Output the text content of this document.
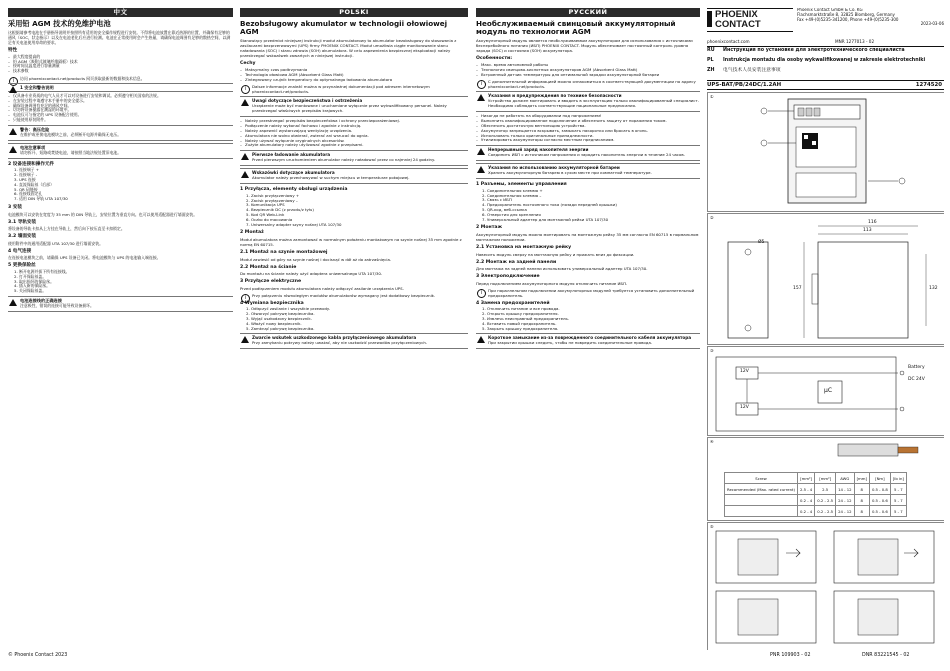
中文
采用铅 AGM 技术的免维护电池
这根据请参考电池在手册指导说明并按照所有适用的安全操作规程进行安装。不得将电池放置在靠近热源的位置，并确保有足够的通风（SOC，状态指示）以及在电池老化后应进行检测。电池在正常使用时会产生热量，请确保电池周围有足够的散热空间，以满足有关电池使用寿命的要求。
特性
– 最大程度提高的
– 铅 AGM（吸附式玻璃纤维隔板）技术
– 按时间及温度进行容量测量
– 技术参数
i	访问 phoenixcontact.net/products 网页获取最新的数据和技术信息。
1 安全和警告说明
– 仅具备专业资质的电气人员才可以对设备进行安装和调试。必须遵守相关国家的法规。
– 在安装过程中请遵守本手册中的安全提示。
– 确保设备周围有充足的通风空间。
– 切勿将设备暴露在潮湿的环境中。
– 电池仅可与指定的 UPS 设备配合使用。
– 只能使用原装附件。
警告：高压危险
在维护或更换电池模块之前，必须断开电源并确保无电压。
电池注意事项
请勿拆开、短路或焚烧电池，请按照当地法规处置旧电池。
2 设备连接和操作元件
1. 连接端子 +
2. 连接端子 -
3. UPS 连接
4. 直流保险丝（后部）
5. QR 码链接
6. 连接线固定孔
7. 适用 DIN 导轨 UTA 107/30
3 安装
电池模块可以安装在宽度为 35 mm 的 DIN 导轨上，安装位置为垂直方向。也可以使用适配器进行墙面安装。
3.1 导轨安装
将设备的导轨卡扣从上方挂在导轨上，然后向下按压直至卡扣锁定。
3.2 墙面安装
使用附件中的通用适配器 UTA 107/30 进行墙面安装。
4 电气连接
在连接电池模块之前，请确保 UPS 设备已关闭。将电池模块与 UPS 的电池输入端连接。
5 更换保险丝
1. 断开电源并拔下所有连接线。
2. 打开保险丝盖。
3. 取出损坏的保险丝。
4. 插入新的保险丝。
5. 关闭保险丝盖。
电池连接线的正确连接
注意极性，错误的连接可能导致设备损坏。
POLSKI
Bezobsługowy akumulator w technologii ołowiowej AGM
Stanowiący przedmiot niniejszej instrukcji moduł akumulatorowy to akumulator bezobsługowy do stosowania z zasilaczami bezprzerwowymi (UPS) firmy PHOENIX CONTACT. Moduł umożliwia ciągłe monitorowanie stanu naładowania (SOC) i stanu zdrowia (SOH) akumulatora. W celu zapewnienia bezpiecznej eksploatacji należy przestrzegać wskazówek zawartych w niniejszej instrukcji.
Cechy
– Maksymalny czas podtrzymania
– Technologia ołowiowa AGM (Absorbent Glass Matt)
– Zintegrowany czujnik temperatury do optymalnego ładowania akumulatora
i	Dalsze informacje znaleźć można w przynależnej dokumentacji pod adresem internetowym phoenixcontact.net/products.
Uwagi dotyczące bezpieczeństwa i ostrzeżenia
Urządzenie może być montowane i uruchamiane wyłącznie przez wykwalifikowany personel. Należy przestrzegać właściwych przepisów krajowych.
– Należy przestrzegać przepisów bezpieczeństwa i ochrony przeciwporażeniowej.
– Podłączenie należy wykonać fachowo i zgodnie z instrukcją.
– Należy zapewnić wystarczającą wentylację urządzenia.
– Akumulatora nie wolno otwierać, zwierać ani wrzucać do ognia.
– Należy używać wyłącznie oryginalnych akcesoriów.
– Zużyte akumulatory należy utylizować zgodnie z przepisami.
Pierwsze ładowanie akumulatora
Przed pierwszym uruchomieniem akumulator należy naładować przez co najmniej 24 godziny.
Wskazówki dotyczące akumulatora
Akumulator należy przechowywać w suchym miejscu w temperaturze pokojowej.
1 Przyłącza, elementy obsługi urządzenia
1. Zacisk przyłączeniowy +
2. Zacisk przyłączeniowy –
3. Komunikacja UPS
4. Bezpiecznik DC (z przodu/z tyłu)
5. Kod QR Web-Link
6. Oczko do mocowania
7. Uniwersalny adapter szyny nośnej UTA 107/30
2 Montaż
Moduł akumulatora można zamontować w normalnym położeniu montażowym na szynie nośnej 35 mm zgodnie z normą EN 60715.
2.1 Montaż na szynie montażowej
Moduł zawiesić od góry na szynie nośnej i docisnąć w dół aż do zatrzaśnięcia.
2.2 Montaż na ścianie
Do montażu na ścianie należy użyć adaptera uniwersalnego UTA 107/30.
3 Przyłącze elektryczne
Przed podłączeniem modułu akumulatora należy odłączyć zasilanie urządzenia UPS.
i	Przy połączeniu równoległym modułów akumulatorów wymagany jest dodatkowy bezpiecznik.
4 Wymiana bezpiecznika
1. Odłączyć zasilanie i wszystkie przewody.
2. Otworzyć pokrywę bezpiecznika.
3. Wyjąć uszkodzony bezpiecznik.
4. Włożyć nowy bezpiecznik.
5. Zamknąć pokrywę bezpiecznika.
Zwarcie wskutek uszkodzonego kabla przyłączeniowego akumulatora
Przy zamykaniu pokrywy należy uważać, aby nie uszkodzić przewodów przyłączeniowych.
РУССКИЙ
Необслуживаемый свинцовый аккумуляторный модуль по технологии AGM
Аккумуляторный модуль является необслуживаемым аккумулятором для использования с источниками бесперебойного питания (ИБП) PHOENIX CONTACT. Модуль обеспечивает постоянный контроль уровня заряда (SOC) и состояния (SOH) аккумулятора.
Особенности:
– Макс. время автономной работы
– Технология свинцово-кислотных аккумуляторов AGM (Absorbent Glass Matt)
– Встроенный датчик температуры для оптимальной зарядки аккумуляторной батареи
i	С дополнительной информацией можно ознакомиться в соответствующей документации по адресу phoenixcontact.net/products.
Указания и предупреждения по технике безопасности
Устройство должен монтировать и вводить в эксплуатацию только квалифицированный специалист. Необходимо соблюдать соответствующие национальные предписания.
– Никогда не работать на оборудовании под напряжением!
– Выполнить квалифицированное подключение и обеспечить защиту от поражения током.
– Обеспечить достаточную вентиляцию устройства.
– Аккумулятор запрещается вскрывать, замыкать накоротко или бросать в огонь.
– Использовать только оригинальные принадлежности.
– Утилизировать аккумуляторы согласно местным предписаниям.
Непрерывный заряд накопителя энергии
Соединить ИБП с источником напряжения и зарядить накопитель энергии в течение 24 часов.
Указания по использованию аккумуляторной батареи
Хранить аккумуляторную батарею в сухом месте при комнатной температуре.
1 Разъемы, элементы управления
1. Соединительная клемма +
2. Соединительная клемма –
3. Связь с ИБП
4. Предохранитель постоянного тока (позади передней крышки)
5. QR-код, веб-ссылка
6. Отверстия для крепления
7. Универсальный адаптер для монтажной рейки UTA 107/30
2 Монтаж
Аккумуляторный модуль можно монтировать на монтажную рейку 35 мм согласно EN 60715 в нормальном монтажном положении.
2.1 Установка на монтажную рейку
Навесить модуль сверху на монтажную рейку и прижать вниз до фиксации.
2.2 Монтаж на задней панели
Для монтажа на задней панели использовать универсальный адаптер UTA 107/30.
3 Электроподключение
Перед подключением аккумуляторного модуля отключить питание ИБП.
i	При параллельном подключении аккумуляторных модулей требуется установить дополнительный предохранитель.
4 Замена предохранителей
1. Отключить питание и все провода.
2. Открыть крышку предохранителя.
3. Извлечь неисправный предохранитель.
4. Вставить новый предохранитель.
5. Закрыть крышку предохранителя.
Короткое замыкание из-за поврежденного соединительного кабеля аккумулятора
При закрытии крышки следить, чтобы не повредить соединительные провода.
PHOENIX
CONTACT
Phoenix Contact GmbH & Co. KG
Flachsmarktstraße 8, 32825 Blomberg, Germany
Fax +49-(0)5235-341200, Phone +49-(0)5235-300
2023-03-06
phoenixcontact.com	MNR 1277013 - 02
RU Инструкция по установке для электротехнического специалиста
PL Instrukcja montażu dla osoby wykwalifikowanej w zakresie elektrotechniki
ZH 电气技术人员安装注意事项
UPS-BAT/PB/24DC/1.2AH	1274520
①
②
116
113
Ø5
157	132
③
Battery
DC 24V
12V
12V
µC
④
Screw	[mm²]	[mm²]	AWG	[mm]	[Nm]	[lb in]
Recommended (Max. rated current)	2.5 - 4	2.5	14 - 12	8	0.5 - 0.8	5 - 7
	0.2 - 4	0.2 - 2.5	24 - 12	8	0.5 - 0.6	5 - 7
	0.2 - 4	0.2 - 2.5	24 - 12	8	0.5 - 0.6	5 - 7
⑤
© Phoenix Contact 2023	PNR 109903 - 02	DNR 83221545 - 02
